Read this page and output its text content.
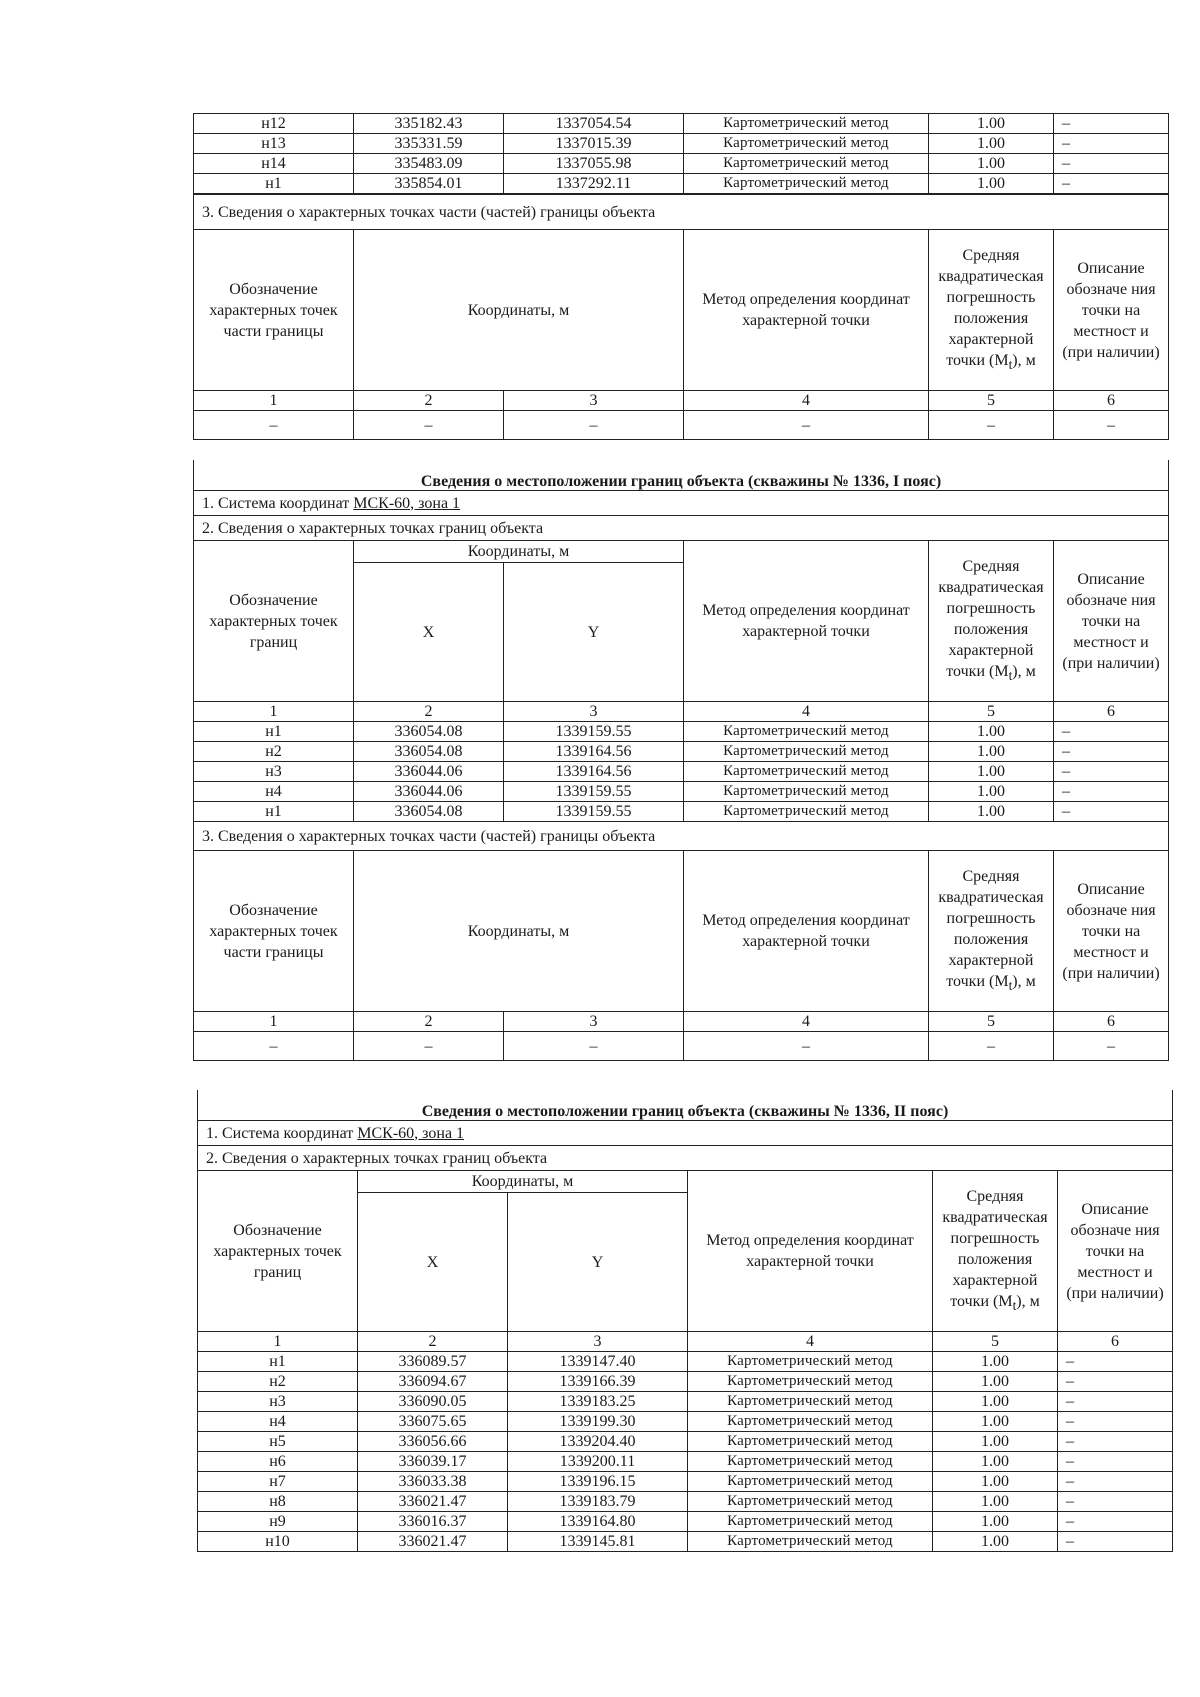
н12	335182.43	1337054.54	Картометрический метод	1.00	–
н13	335331.59	1337015.39	Картометрический метод	1.00	–
н14	335483.09	1337055.98	Картометрический метод	1.00	–
н1	335854.01	1337292.11	Картометрический метод	1.00	–
3. Сведения о характерных точках части (частей) границы объекта					
Обозначение характерных точек части границы	Координаты, м		Метод определения координат характерной точки	Средняя квадратическая погрешность положения характерной точки $(M_t)$, м	Описание обозначе ния точки на местност и (при наличии)
1	2	3	4	5	6
–	–	–	–	–	–
Сведения о местоположении границ объекта (скважины № 1336, I пояс)					
1. Система координат МСК-60, зона 1					
2. Сведения о характерных точках границ объекта					
Обозначение характерных точек границ	Координаты, м		Метод определения координат характерной точки	Средняя квадратическая погрешность положения характерной точки $(M_t)$, м	Описание обозначе ния точки на местност и (при наличии)
	X	Y			
1	2	3	4	5	6
н1	336054.08	1339159.55	Картометрический метод	1.00	–
н2	336054.08	1339164.56	Картометрический метод	1.00	–
н3	336044.06	1339164.56	Картометрический метод	1.00	–
н4	336044.06	1339159.55	Картометрический метод	1.00	–
н1	336054.08	1339159.55	Картометрический метод	1.00	–
3. Сведения о характерных точках части (частей) границы объекта					
Обозначение характерных точек части границы	Координаты, м		Метод определения координат характерной точки	Средняя квадратическая погрешность положения характерной точки $(M_t)$, м	Описание обозначе ния точки на местност и (при наличии)
1	2	3	4	5	6
–	–	–	–	–	–
Сведения о местоположении границ объекта (скважины № 1336, II пояс)					
1. Система координат МСК-60, зона 1					
2. Сведения о характерных точках границ объекта					
Обозначение характерных точек границ	Координаты, м		Метод определения координат характерной точки	Средняя квадратическая погрешность положения характерной точки $(M_t)$, м	Описание обозначе ния точки на местност и (при наличии)
	X	Y			
1	2	3	4	5	6
н1	336089.57	1339147.40	Картометрический метод	1.00	–
н2	336094.67	1339166.39	Картометрический метод	1.00	–
н3	336090.05	1339183.25	Картометрический метод	1.00	–
н4	336075.65	1339199.30	Картометрический метод	1.00	–
н5	336056.66	1339204.40	Картометрический метод	1.00	–
н6	336039.17	1339200.11	Картометрический метод	1.00	–
н7	336033.38	1339196.15	Картометрический метод	1.00	–
н8	336021.47	1339183.79	Картометрический метод	1.00	–
н9	336016.37	1339164.80	Картометрический метод	1.00	–
н10	336021.47	1339145.81	Картометрический метод	1.00	–
